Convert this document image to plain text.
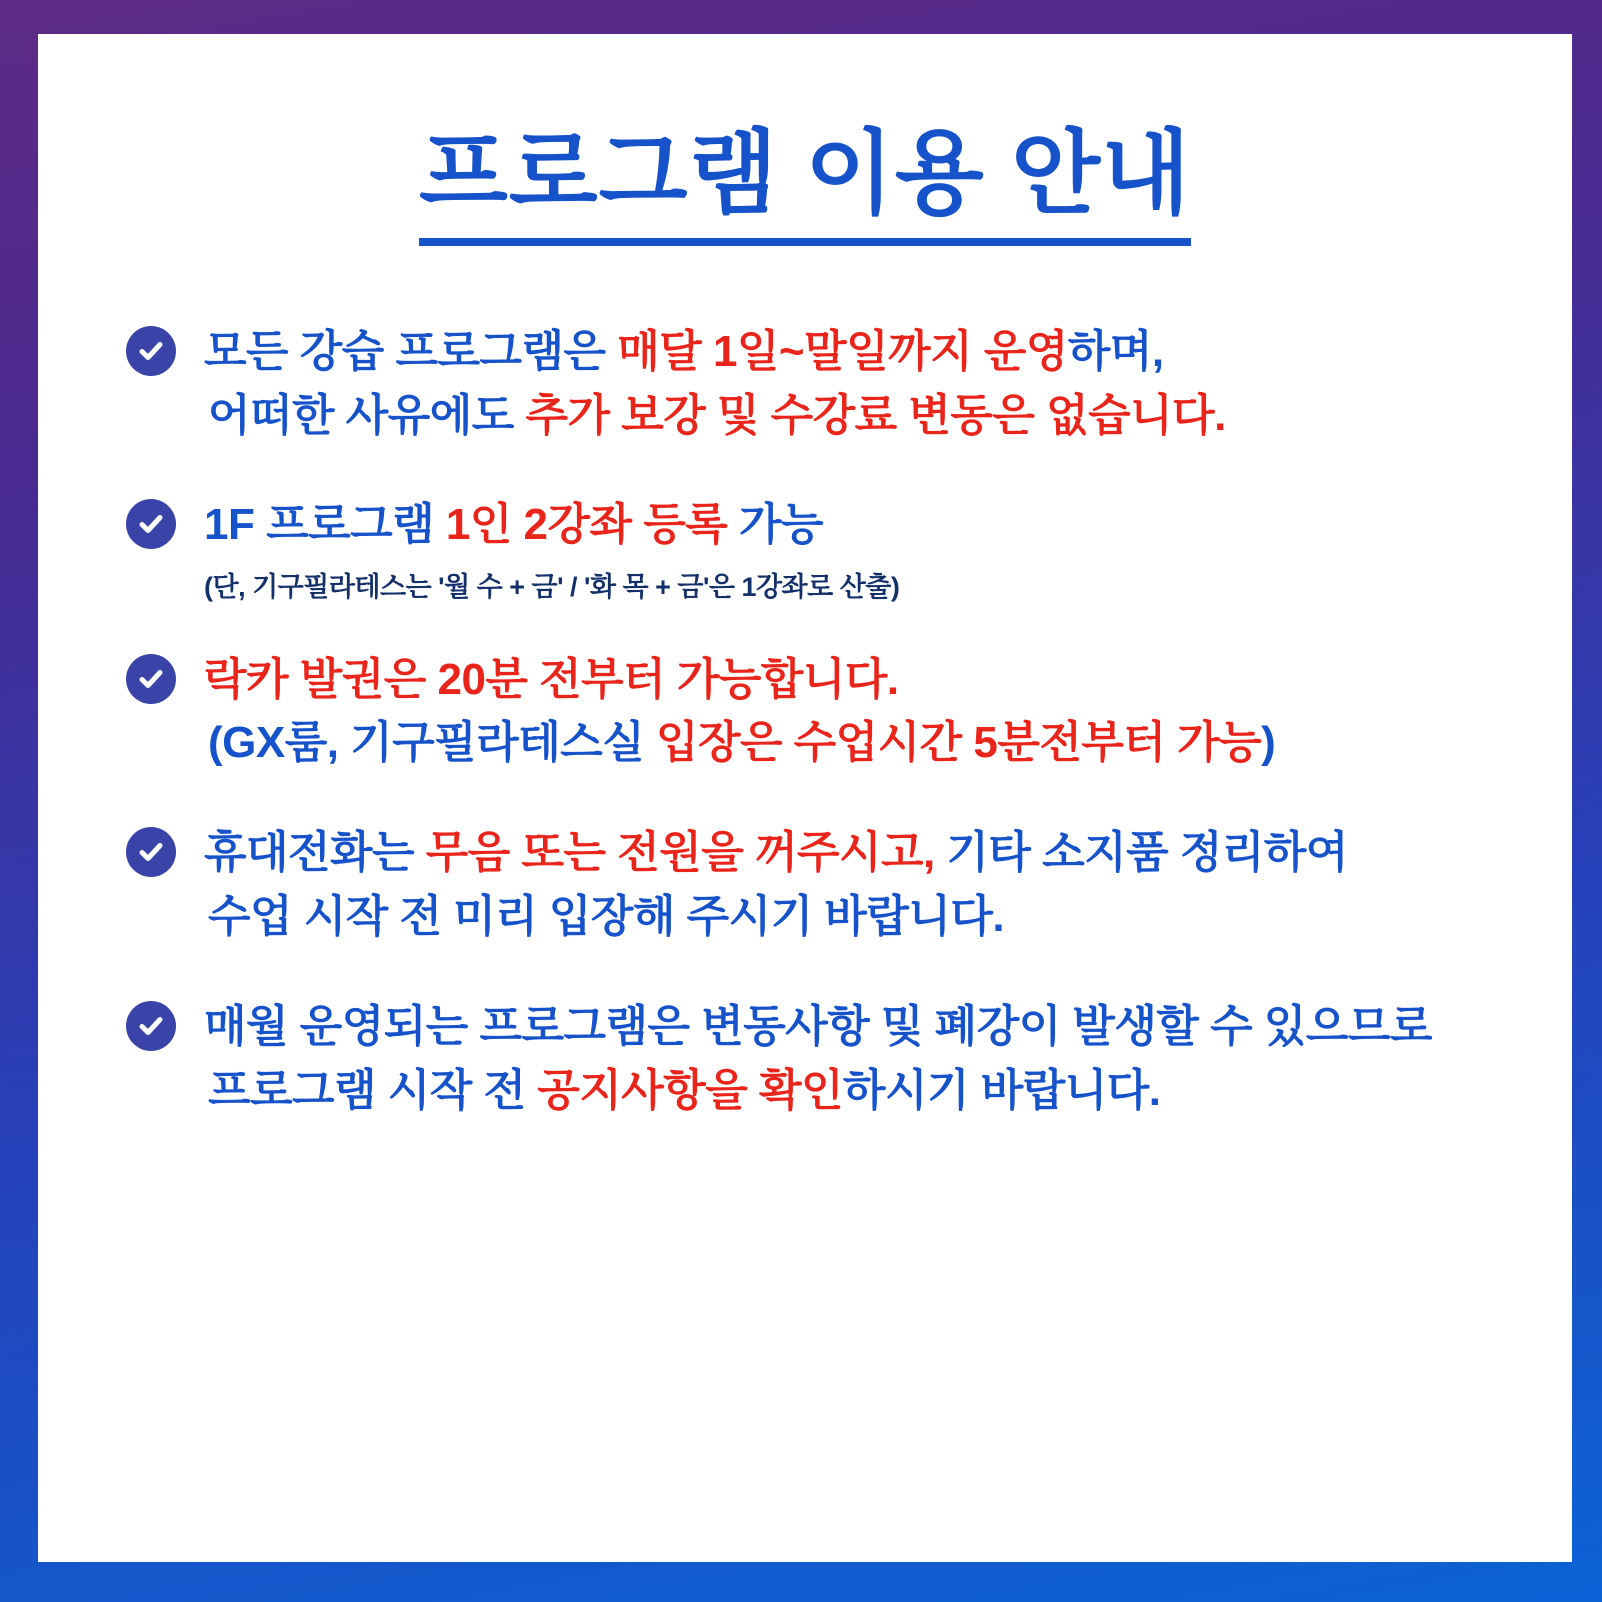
프로그램 이용 안내
모든 강습 프로그램은 매달 1일~말일까지 운영하며,
어떠한 사유에도 추가 보강 및 수강료 변동은 없습니다.
1F 프로그램 1인 2강좌 등록 가능
(단, 기구필라테스는 '월 수 + 금' / '화 목 + 금'은 1강좌로 산출)
락카 발권은 20분 전부터 가능합니다.
(GX룸, 기구필라테스실 입장은 수업시간 5분전부터 가능)
휴대전화는 무음 또는 전원을 꺼주시고, 기타 소지품 정리하여
수업 시작 전 미리 입장해 주시기 바랍니다.
매월 운영되는 프로그램은 변동사항 및 폐강이 발생할 수 있으므로
프로그램 시작 전 공지사항을 확인하시기 바랍니다.
